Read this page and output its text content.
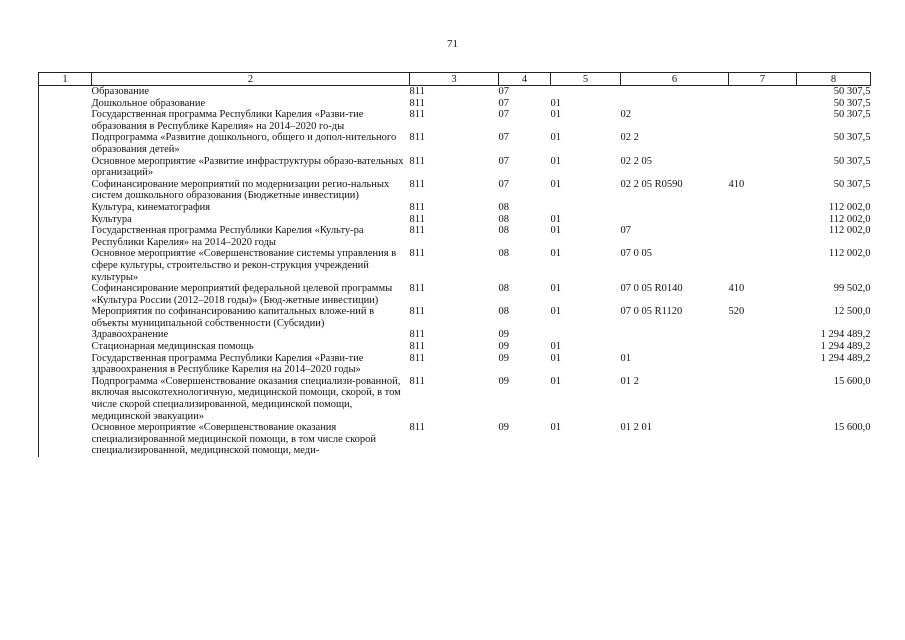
71
1	2	3	4	5	6	7	8
	Образование	811	07				50 307,5
	Дошкольное образование	811	07	01			50 307,5
	Государственная программа Республики Карелия «Разви-тие образования в Республике Карелия» на 2014–2020 го-ды	811	07	01	02		50 307,5
	Подпрограмма «Развитие дошкольного, общего и допол-нительного образования детей»	811	07	01	02 2		50 307,5
	Основное мероприятие «Развитие инфраструктуры образо-вательных организаций»	811	07	01	02 2 05		50 307,5
	Софинансирование мероприятий по модернизации регио-нальных систем дошкольного образования (Бюджетные инвестиции)	811	07	01	02 2 05 R0590	410	50 307,5
	Культура, кинематография	811	08				112 002,0
	Культура	811	08	01			112 002,0
	Государственная программа Республики Карелия «Культу-ра Республики Карелия» на 2014–2020 годы	811	08	01	07		112 002,0
	Основное мероприятие «Совершенствование системы управления в сфере культуры, строительство и рекон-струкция учреждений культуры»	811	08	01	07 0 05		112 002,0
	Софинансирование мероприятий федеральной целевой программы «Культура России (2012–2018 годы)» (Бюд-жетные инвестиции)	811	08	01	07 0 05 R0140	410	99 502,0
	Мероприятия по софинансированию капитальных вложе-ний в объекты муниципальной собственности (Субсидии)	811	08	01	07 0 05 R1120	520	12 500,0
	Здравоохранение	811	09				1 294 489,2
	Стационарная медицинская помощь	811	09	01			1 294 489,2
	Государственная программа Республики Карелия «Разви-тие здравоохранения в Республике Карелия на 2014–2020 годы»	811	09	01	01		1 294 489,2
	Подпрограмма «Совершенствование оказания специализи-рованной, включая высокотехнологичную, медицинской помощи, скорой, в том числе скорой специализированной, медицинской помощи, медицинской эвакуации»	811	09	01	01 2		15 600,0
	Основное мероприятие «Совершенствование оказания специализированной медицинской помощи, в том числе скорой специализированной, медицинской помощи, меди-	811	09	01	01 2 01		15 600,0
